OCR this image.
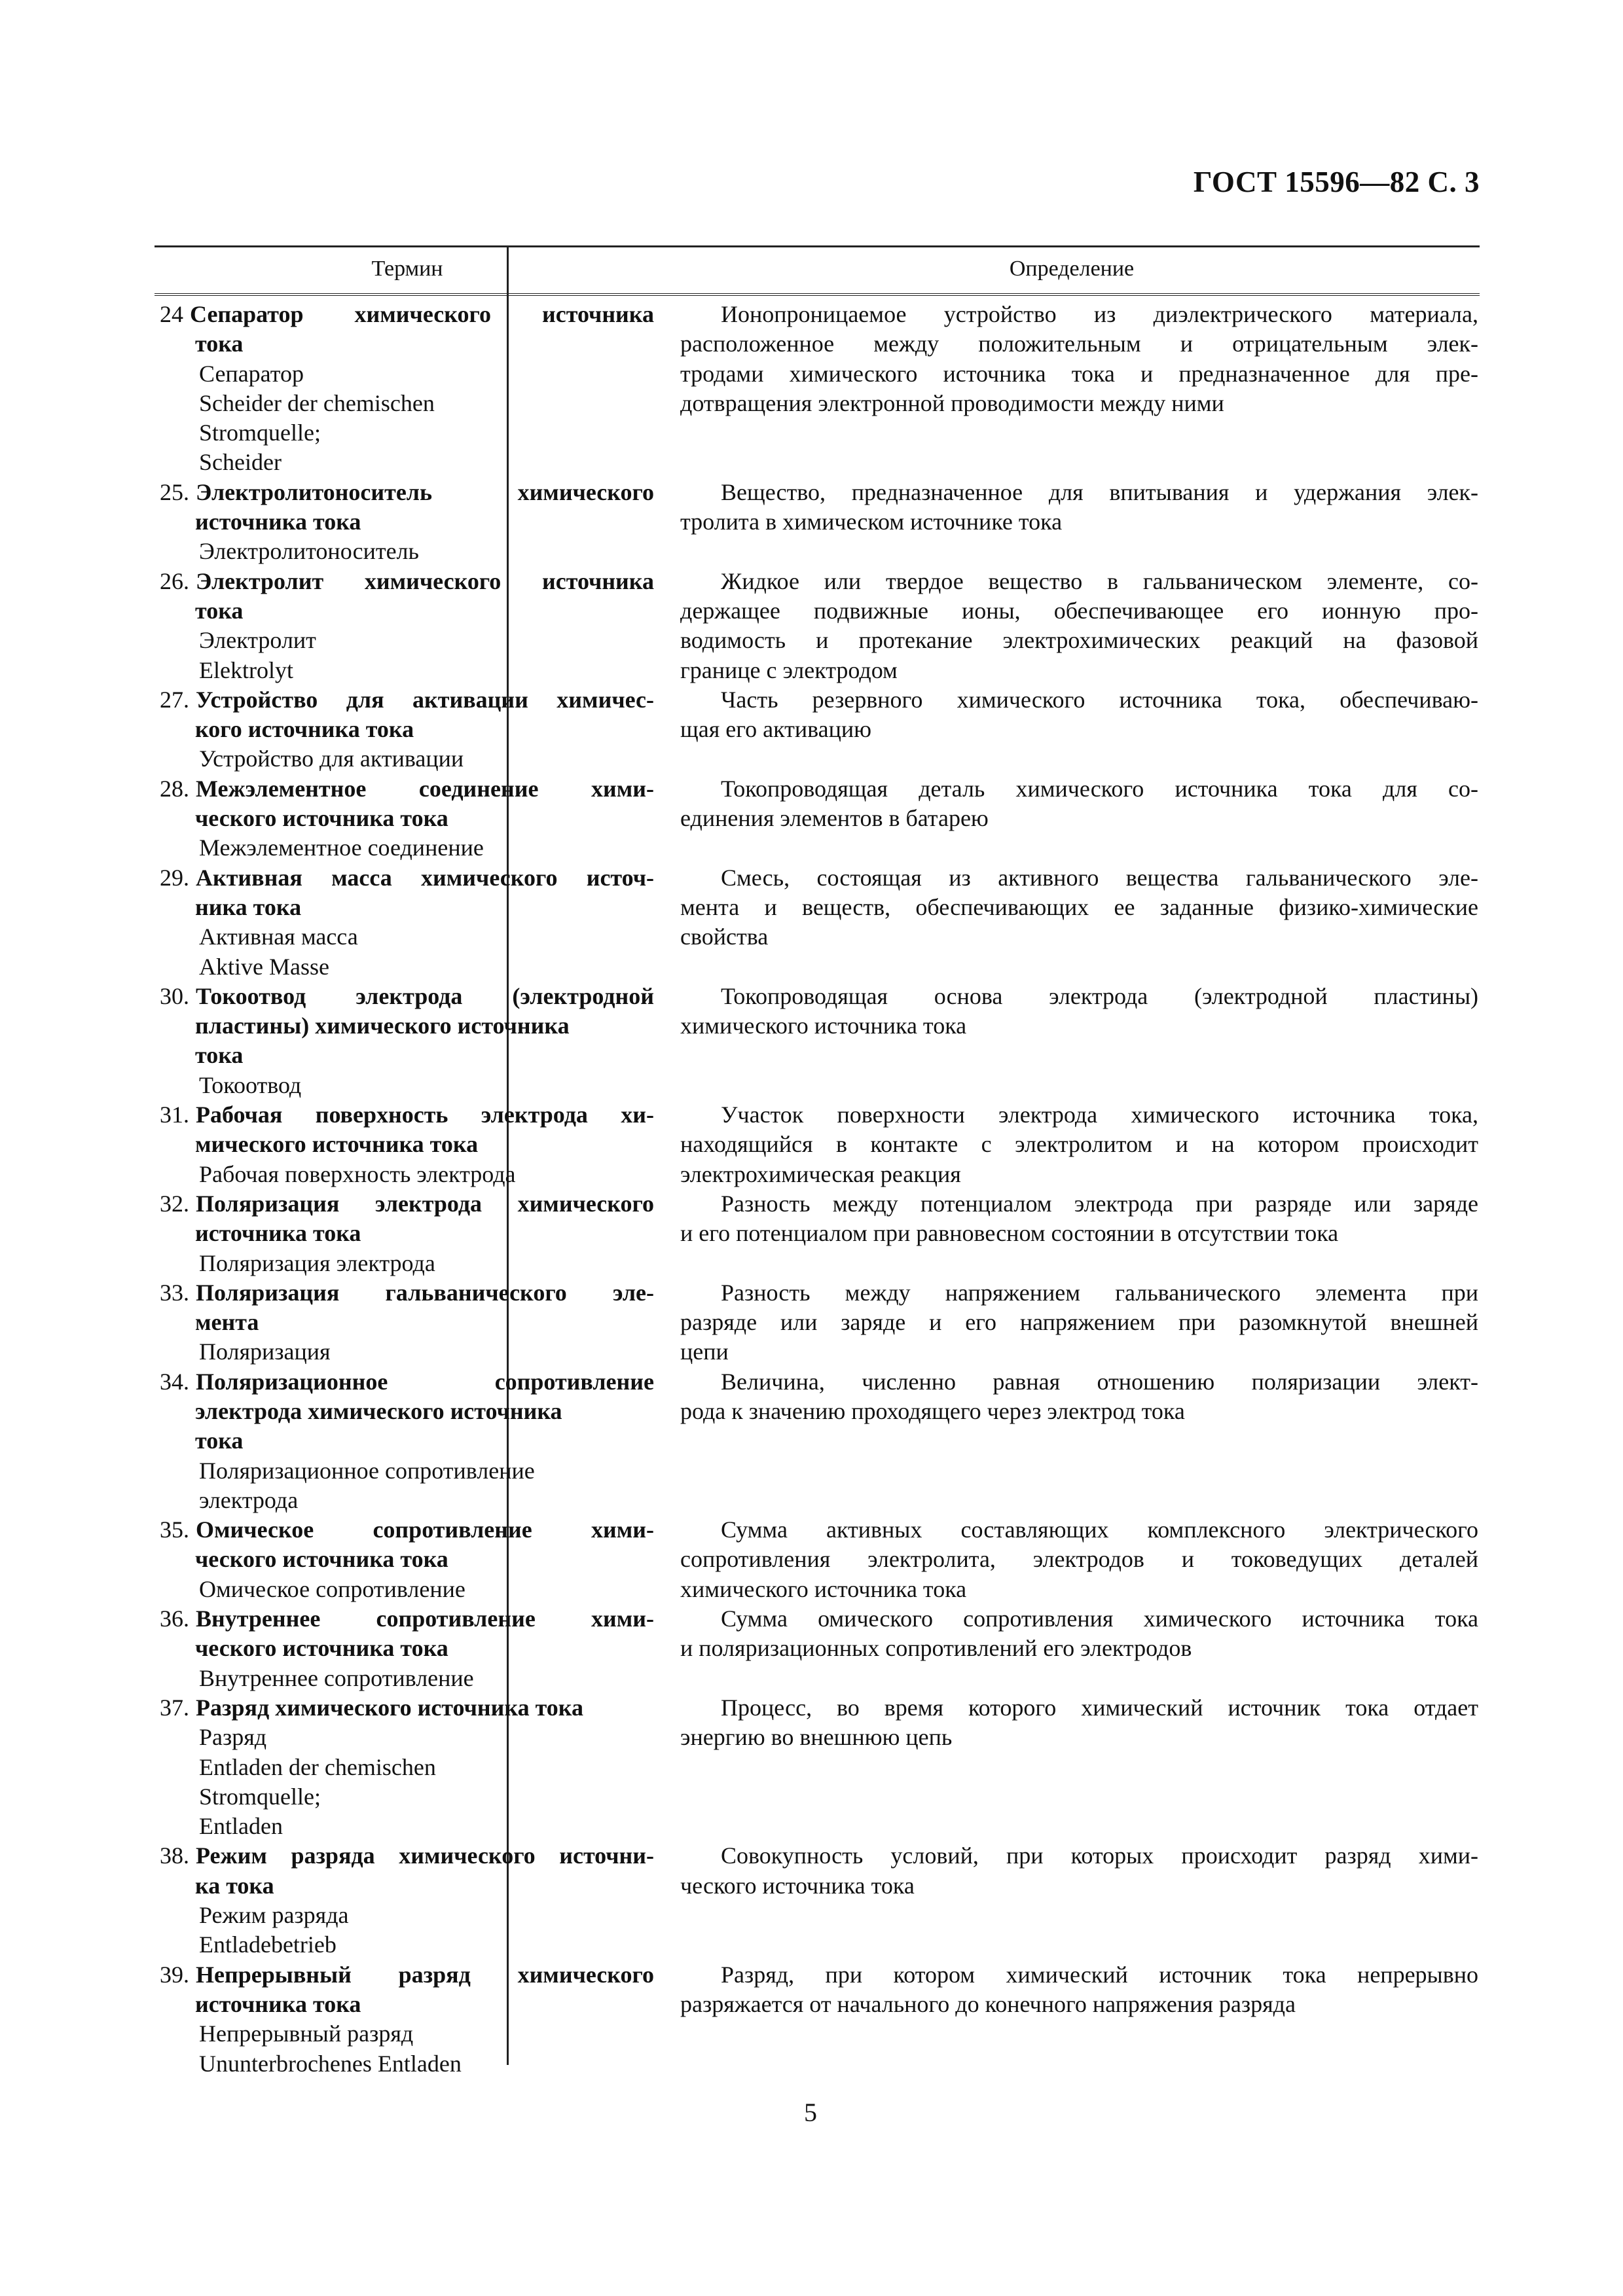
ГОСТ 15596—82 С. 3
Термин	Определение
24 Сепаратор химического источника
тока
Сепаратор
Scheider der chemischen
Stromquelle;
Scheider
Ионопроницаемое устройство из диэлектрического материала,
расположенное между положительным и отрицательным элек-
тродами химического источника тока и предназначенное для пре-
дотвращения электронной проводимости между ними
25. Электролитоноситель химического
источника тока
Электролитоноситель
Вещество, предназначенное для впитывания и удержания элек-
тролита в химическом источнике тока
26. Электролит химического источника
тока
Электролит
Elektrolyt
Жидкое или твердое вещество в гальваническом элементе, со-
держащее подвижные ионы, обеспечивающее его ионную про-
водимость и протекание электрохимических реакций на фазовой
границе с электродом
27. Устройство для активации химичес-
кого источника тока
Устройство для активации
Часть резервного химического источника тока, обеспечиваю-
щая его активацию
28. Межэлементное соединение хими-
ческого источника тока
Межэлементное соединение
Токопроводящая деталь химического источника тока для со-
единения элементов в батарею
29. Активная масса химического источ-
ника тока
Активная масса
Aktive Masse
Смесь, состоящая из активного вещества гальванического эле-
мента и веществ, обеспечивающих ее заданные физико-химические
свойства
30. Токоотвод электрода (электродной
пластины) химического источника
тока
Токоотвод
Токопроводящая основа электрода (электродной пластины)
химического источника тока
31. Рабочая поверхность электрода хи-
мического источника тока
Рабочая поверхность электрода
Участок поверхности электрода химического источника тока,
находящийся в контакте с электролитом и на котором происходит
электрохимическая реакция
32. Поляризация электрода химического
источника тока
Поляризация электрода
Разность между потенциалом электрода при разряде или заряде
и его потенциалом при равновесном состоянии в отсутствии тока
33. Поляризация гальванического эле-
мента
Поляризация
Разность между напряжением гальванического элемента при
разряде или заряде и его напряжением при разомкнутой внешней
цепи
34. Поляризационное сопротивление
электрода химического источника
тока
Поляризационное сопротивление
электрода
Величина, численно равная отношению поляризации элект-
рода к значению проходящего через электрод тока
35. Омическое сопротивление хими-
ческого источника тока
Омическое сопротивление
Сумма активных составляющих комплексного электрического
сопротивления электролита, электродов и токоведущих деталей
химического источника тока
36. Внутреннее сопротивление хими-
ческого источника тока
Внутреннее сопротивление
Сумма омического сопротивления химического источника тока
и поляризационных сопротивлений его электродов
37. Разряд химического источника тока
Разряд
Entladen der chemischen
Stromquelle;
Entladen
Процесс, во время которого химический источник тока отдает
энергию во внешнюю цепь
38. Режим разряда химического источни-
ка тока
Режим разряда
Entladebetrieb
Совокупность условий, при которых происходит разряд хими-
ческого источника тока
39. Непрерывный разряд химического
источника тока
Непрерывный разряд
Ununterbrochenes Entladen
Разряд, при котором химический источник тока непрерывно
разряжается от начального до конечного напряжения разряда
5
